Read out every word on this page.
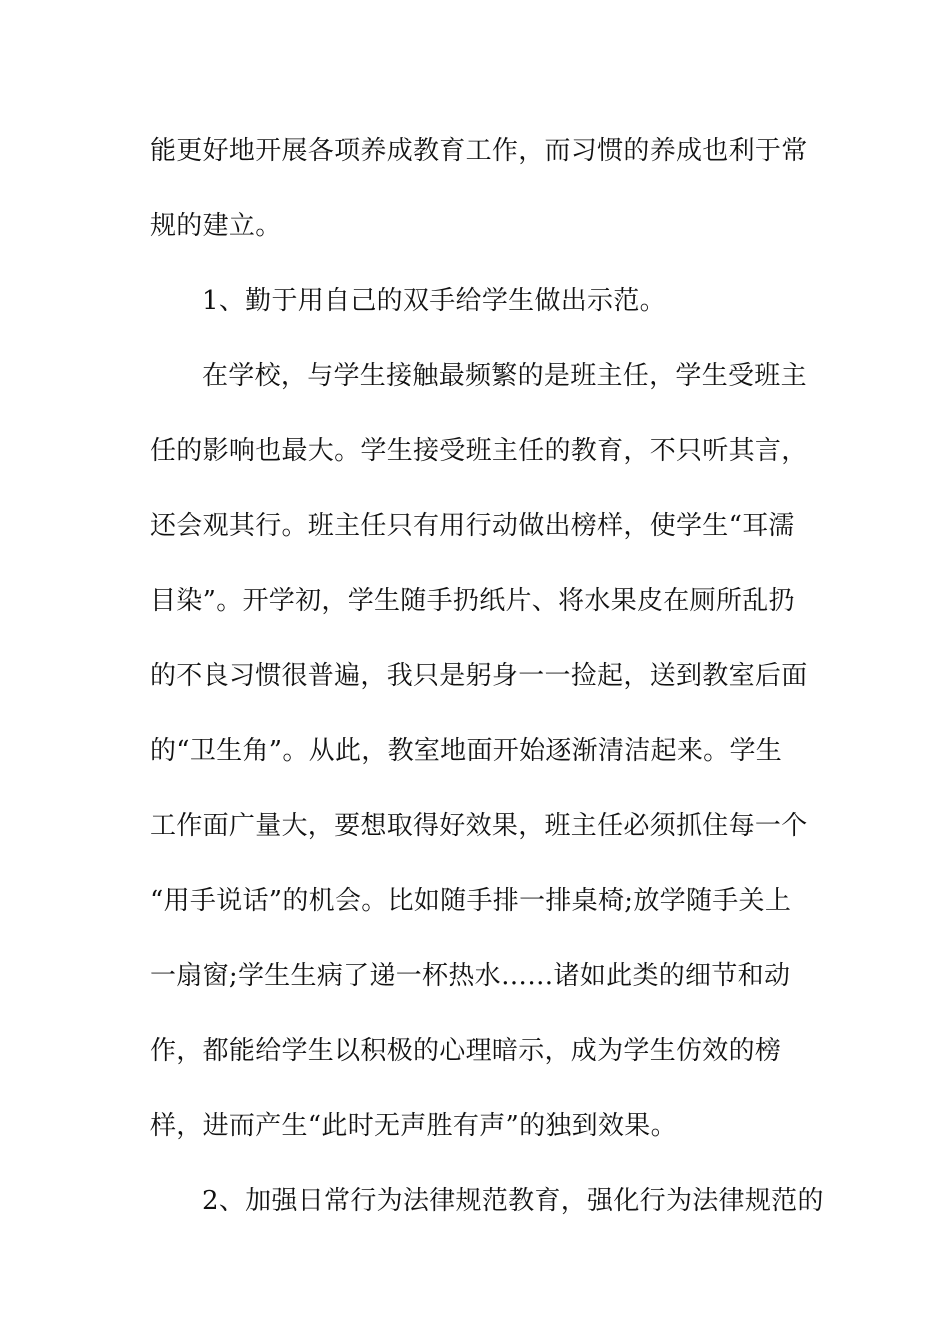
能更好地开展各项养成教育工作，而习惯的养成也利于常
规的建立。
1、勤于用自己的双手给学生做出示范。
在学校，与学生接触最频繁的是班主任，学生受班主
任的影响也最大。学生接受班主任的教育，不只听其言，
还会观其行。班主任只有用行动做出榜样，使学生“耳濡
目染”。开学初，学生随手扔纸片、将水果皮在厕所乱扔
的不良习惯很普遍，我只是躬身一一捡起，送到教室后面
的“卫生角”。从此，教室地面开始逐渐清洁起来。学生
工作面广量大，要想取得好效果，班主任必须抓住每一个
“用手说话”的机会。比如随手排一排桌椅;放学随手关上
一扇窗;学生生病了递一杯热水……诸如此类的细节和动
作，都能给学生以积极的心理暗示，成为学生仿效的榜
样，进而产生“此时无声胜有声”的独到效果。
2、加强日常行为法律规范教育，强化行为法律规范的
